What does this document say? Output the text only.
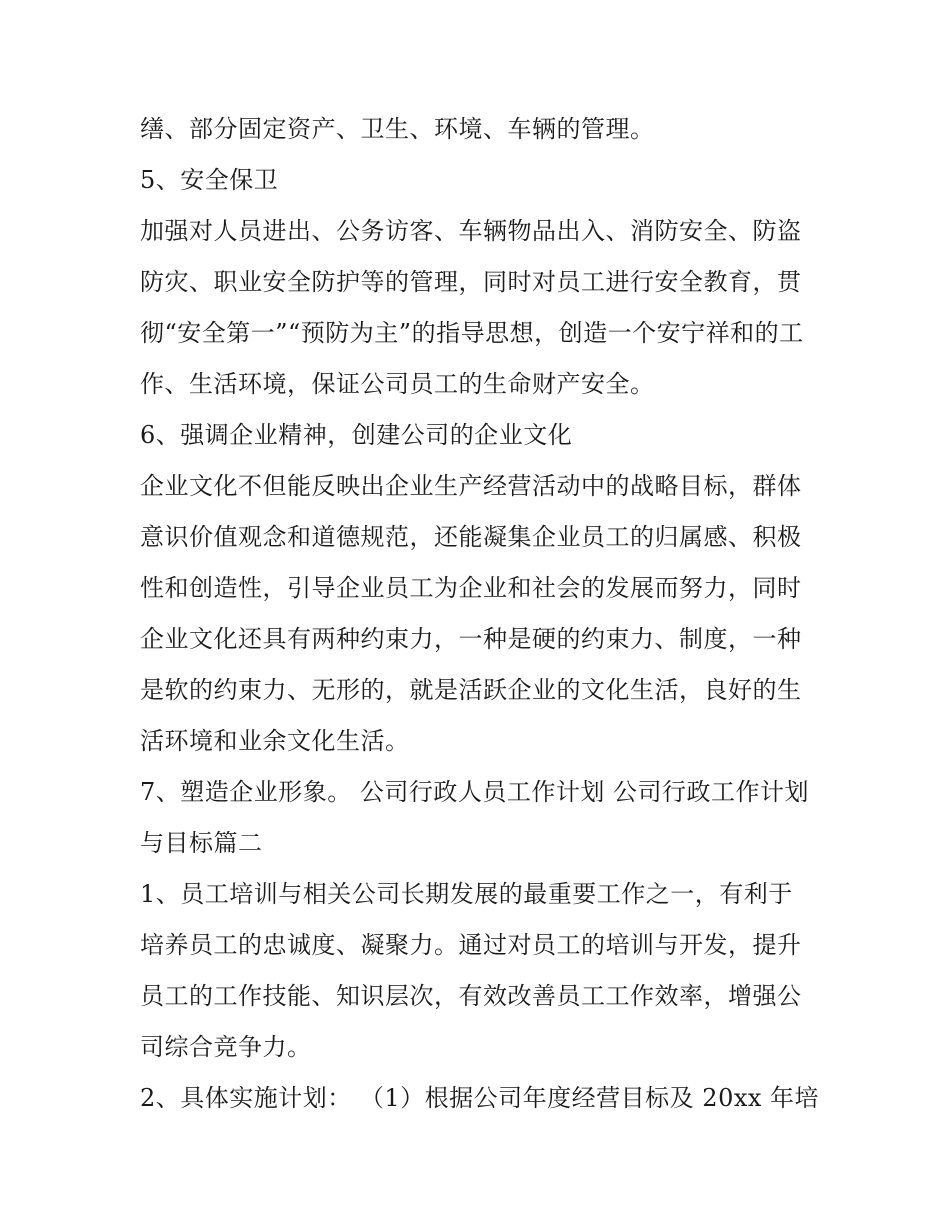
缮、部分固定资产、卫生、环境、车辆的管理。
5、安全保卫
加强对人员进出、公务访客、车辆物品出入、消防安全、防盗
防灾、职业安全防护等的管理，同时对员工进行安全教育，贯
彻“安全第一”“预防为主”的指导思想，创造一个安宁祥和的工
作、生活环境，保证公司员工的生命财产安全。
6、强调企业精神，创建公司的企业文化
企业文化不但能反映出企业生产经营活动中的战略目标，群体
意识价值观念和道德规范，还能凝集企业员工的归属感、积极
性和创造性，引导企业员工为企业和社会的发展而努力，同时
企业文化还具有两种约束力，一种是硬的约束力、制度，一种
是软的约束力、无形的，就是活跃企业的文化生活，良好的生
活环境和业余文化生活。
7、塑造企业形象。 公司行政人员工作计划 公司行政工作计划
与目标篇二
1、员工培训与相关公司长期发展的最重要工作之一，有利于
培养员工的忠诚度、凝聚力。通过对员工的培训与开发，提升
员工的工作技能、知识层次，有效改善员工工作效率，增强公
司综合竞争力。
2、具体实施计划： （1）根据公司年度经营目标及 20xx 年培
